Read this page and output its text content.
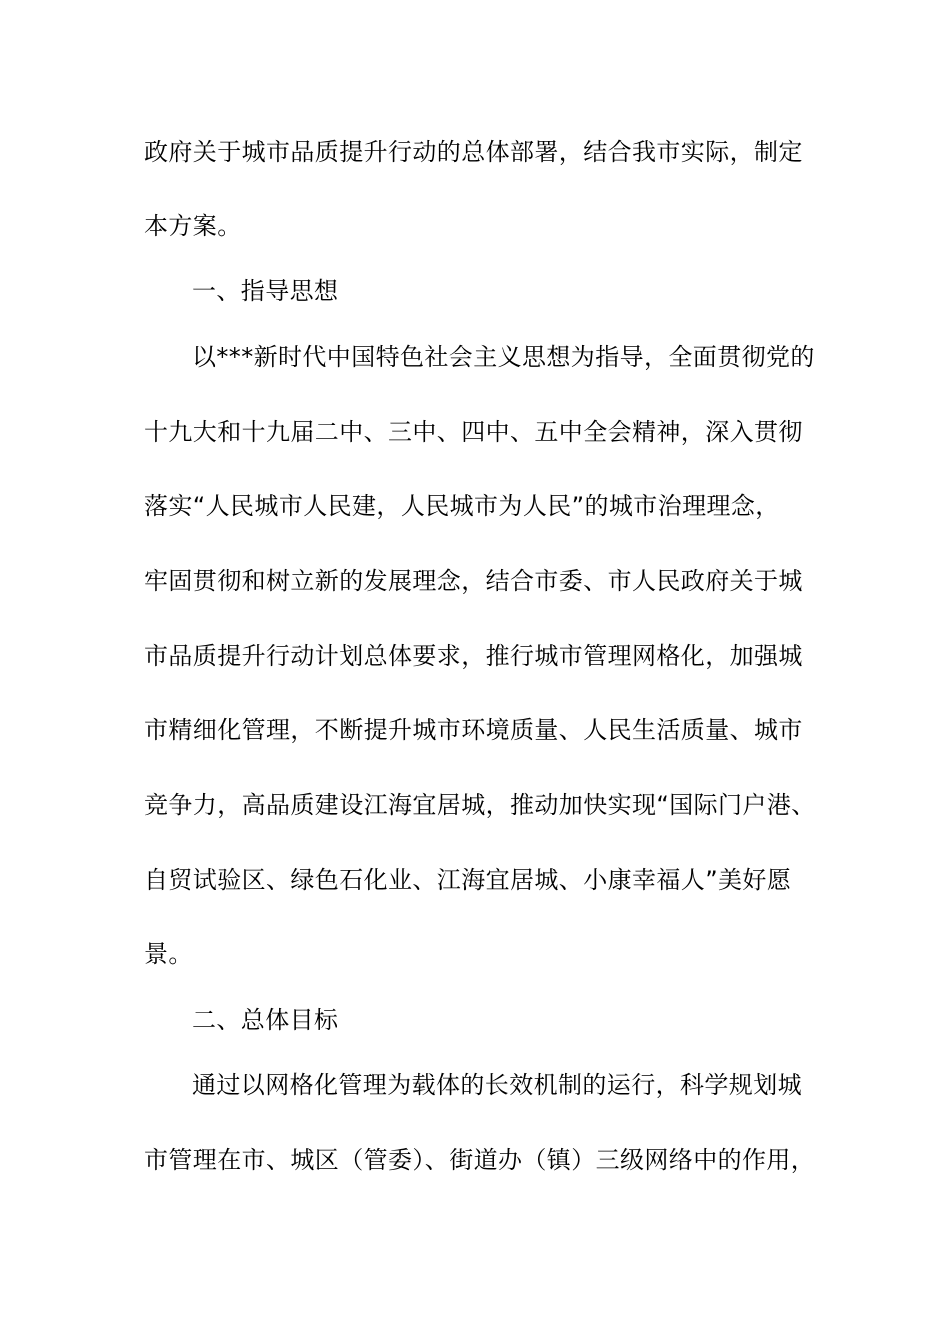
政府关于城市品质提升行动的总体部署，结合我市实际，制定
本方案。
一、指导思想
以***新时代中国特色社会主义思想为指导，全面贯彻党的
十九大和十九届二中、三中、四中、五中全会精神，深入贯彻
落实“人民城市人民建，人民城市为人民”的城市治理理念，
牢固贯彻和树立新的发展理念，结合市委、市人民政府关于城
市品质提升行动计划总体要求，推行城市管理网格化，加强城
市精细化管理，不断提升城市环境质量、人民生活质量、城市
竞争力，高品质建设江海宜居城，推动加快实现“国际门户港、
自贸试验区、绿色石化业、江海宜居城、小康幸福人”美好愿
景。
二、总体目标
通过以网格化管理为载体的长效机制的运行，科学规划城
市管理在市、城区（管委）、街道办（镇）三级网络中的作用，
